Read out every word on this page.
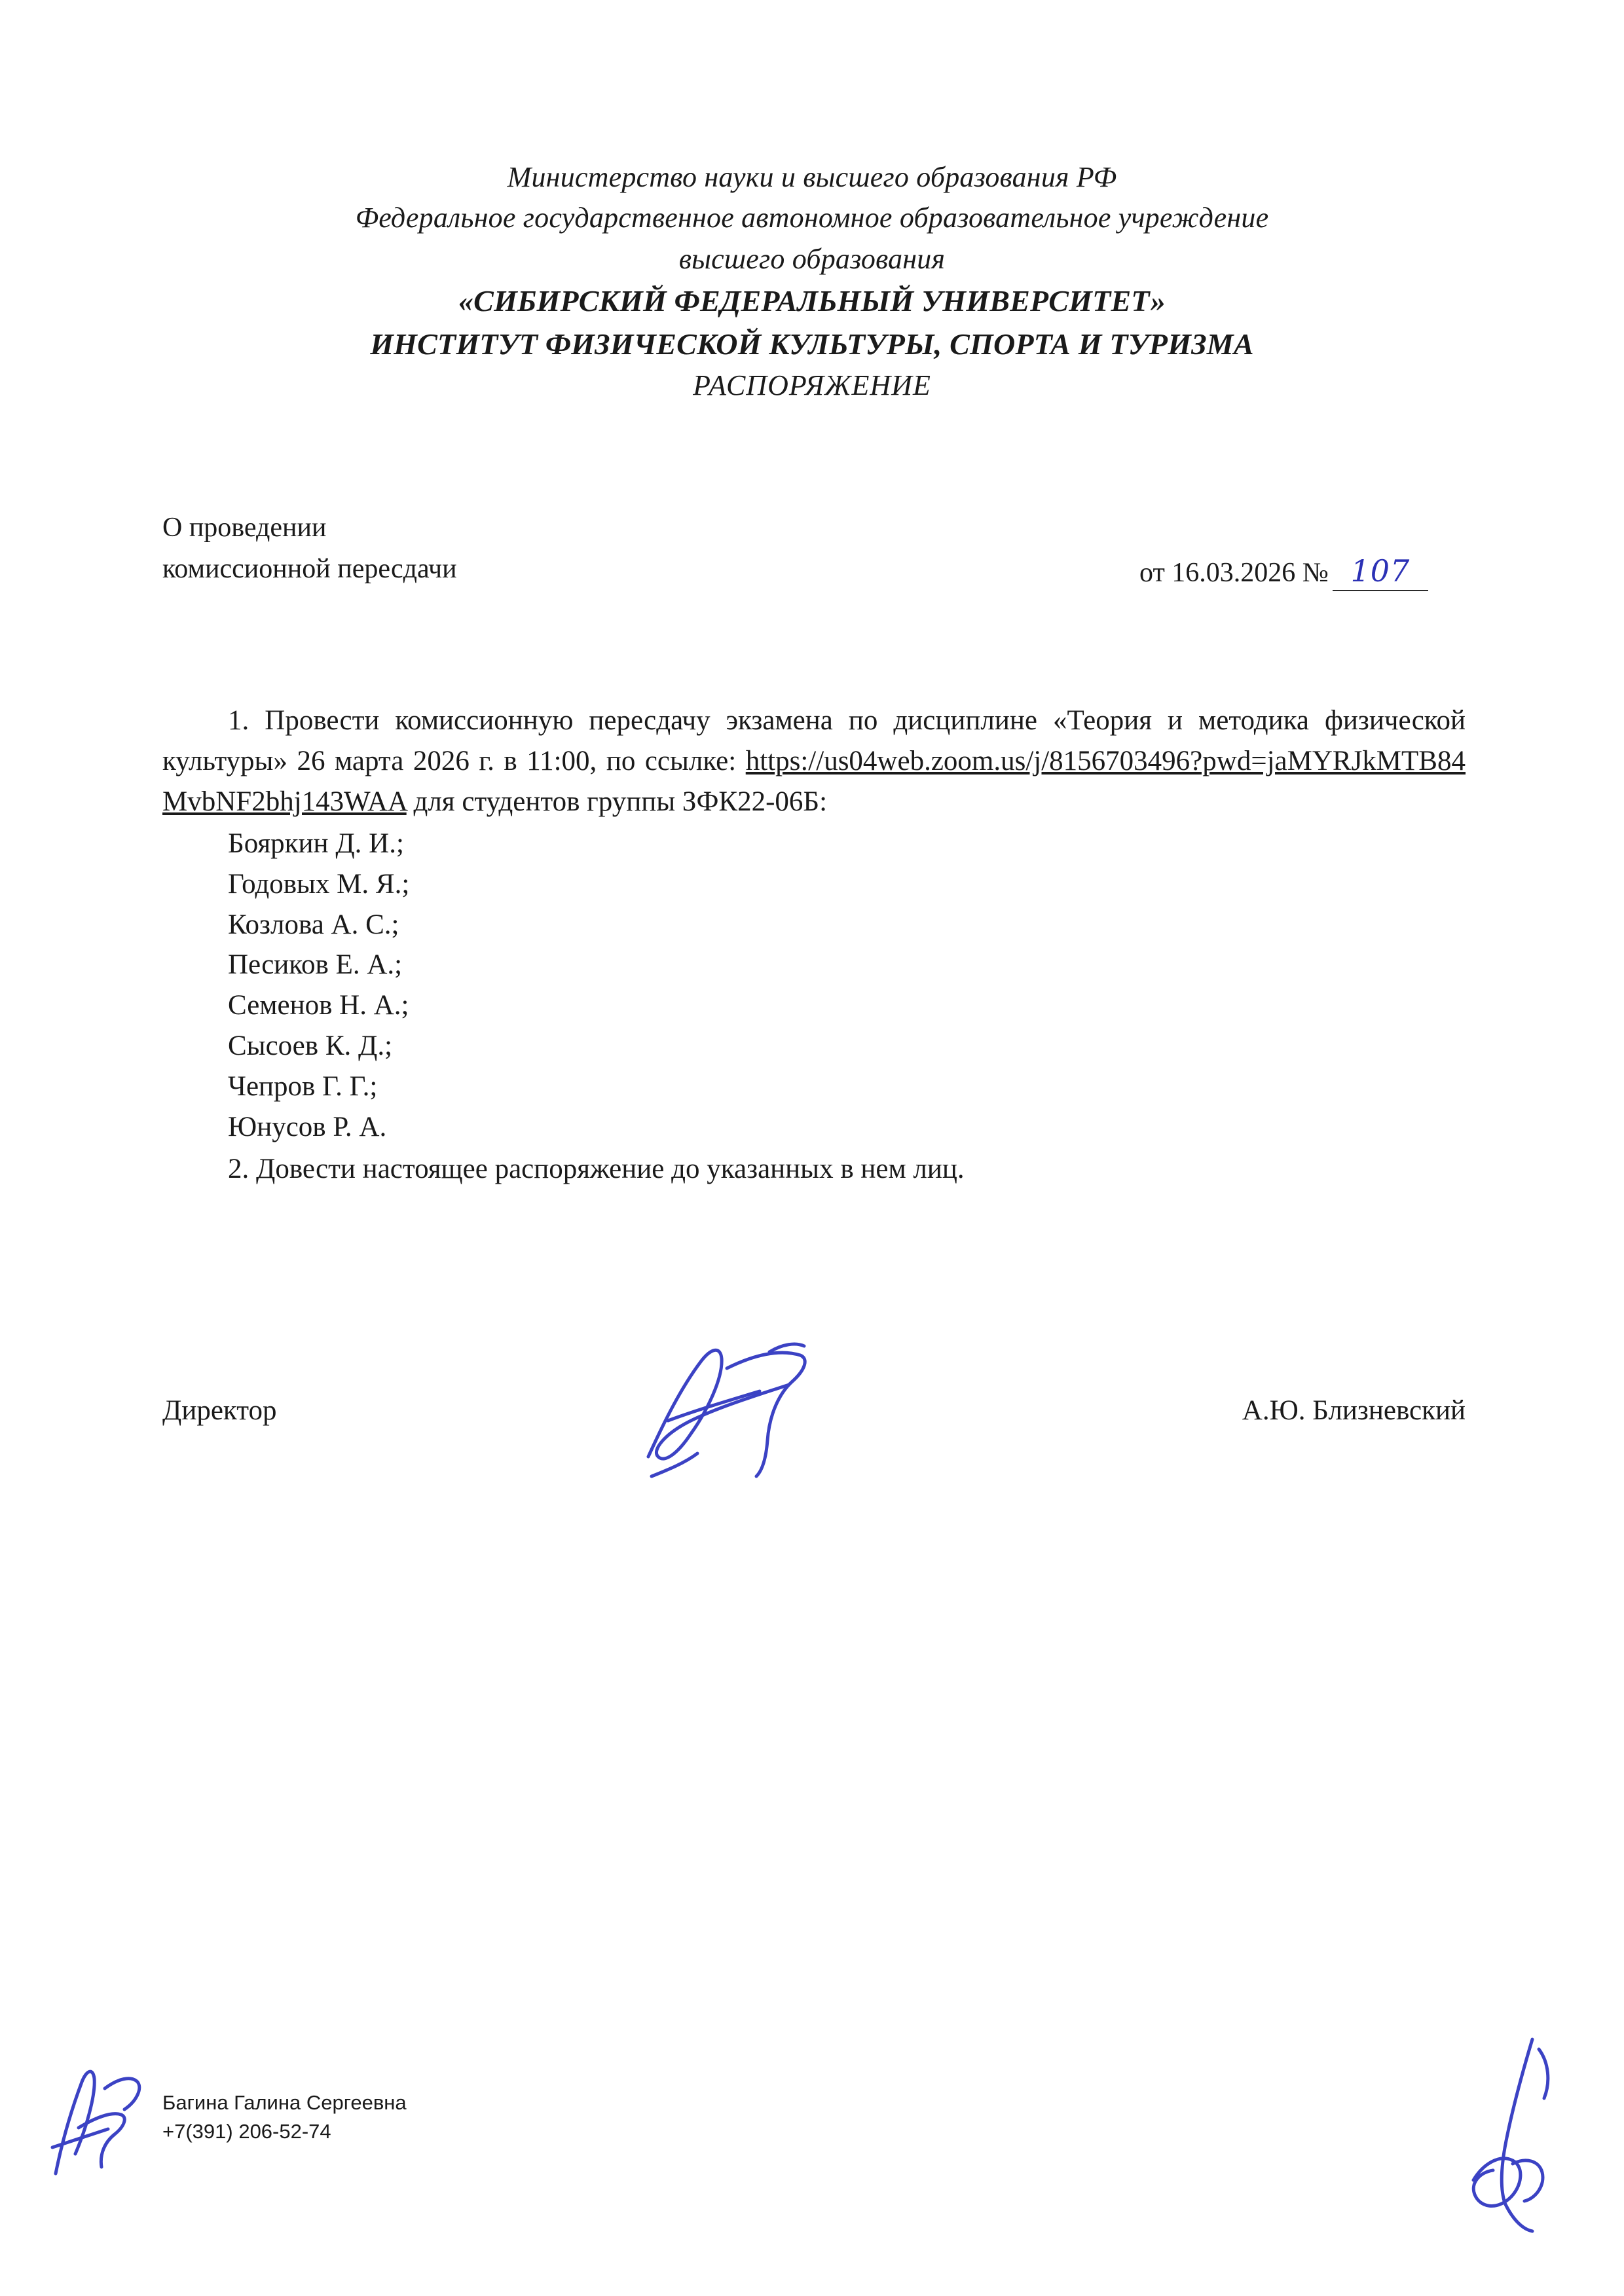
Министерство науки и высшего образования РФ
Федеральное государственное автономное образовательное учреждение
высшего образования
«СИБИРСКИЙ ФЕДЕРАЛЬНЫЙ УНИВЕРСИТЕТ»
ИНСТИТУТ ФИЗИЧЕСКОЙ КУЛЬТУРЫ, СПОРТА И ТУРИЗМА
РАСПОРЯЖЕНИЕ
О проведении
комиссионной пересдачи	от 16.03.2026 № 107
1. Провести комиссионную пересдачу экзамена по дисциплине «Теория и методика физической культуры» 26 марта 2026 г. в 11:00, по ссылке: https://us04web.zoom.us/j/8156703496?pwd=jaMYRJkMTB84MvbNF2bhj143WAA для студентов группы ЗФК22-06Б:
Бояркин Д. И.;
Годовых М. Я.;
Козлова А. С.;
Песиков Е. А.;
Семенов Н. А.;
Сысоев К. Д.;
Чепров Г. Г.;
Юнусов Р. А.
2. Довести настоящее распоряжение до указанных в нем лиц.
Директор	А.Ю. Близневский
Багина Галина Сергеевна
+7(391) 206-52-74
